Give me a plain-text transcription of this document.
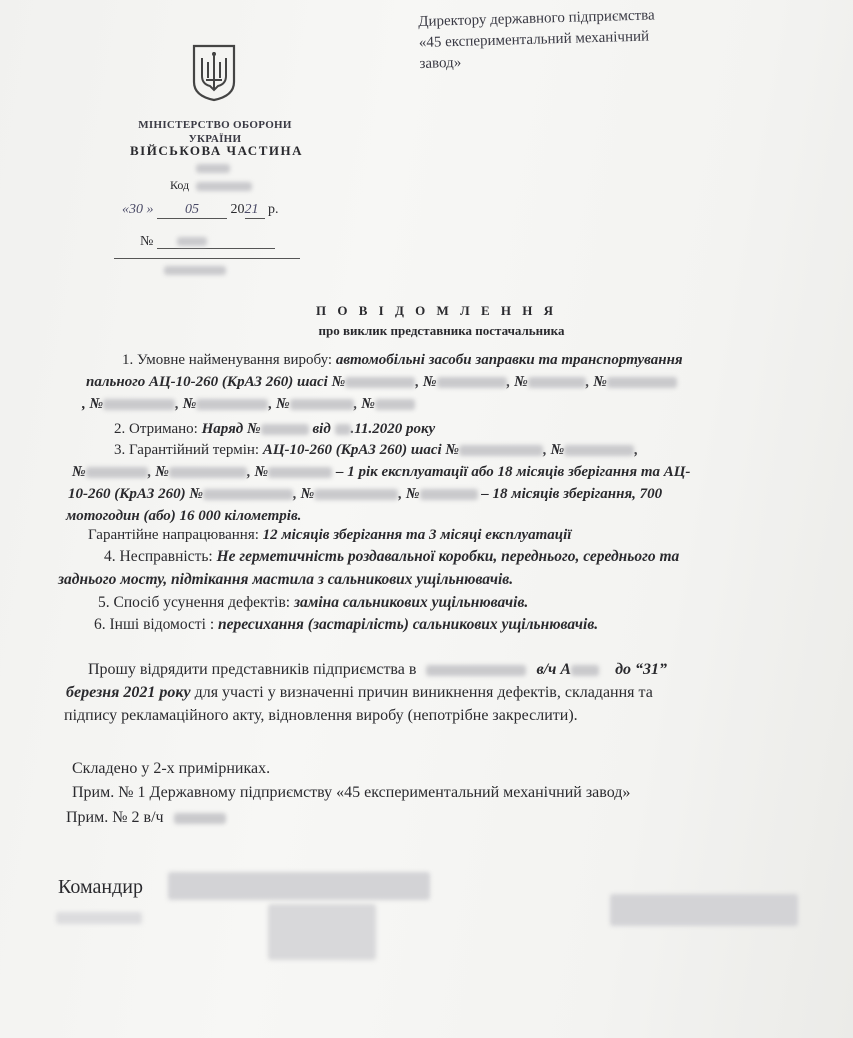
Директору державного підприємства
«45 експериментальний механічний
завод»
МІНІСТЕРСТВО ОБОРОНИ
УКРАЇНИ
ВІЙСЬКОВА ЧАСТИНА
Код
«30 » 05 2021 р.
№
П О В І Д О М Л Е Н Н Я
про виклик представника постачальника
1. Умовне найменування виробу: автомобільні засоби заправки та транспортування
пального АЦ-10-260 (КрАЗ 260) шасі №	, №	, №	, №
, №	, №	, №	, №
2. Отримано: Наряд №	від .11.2020 року
3. Гарантійний термін: АЦ-10-260 (КрАЗ 260) шасі №	, №	,
№	, №	, №	– 1 рік експлуатації або 18 місяців зберігання та АЦ-
10-260 (КрАЗ 260) №	, №	, №	– 18 місяців зберігання, 700
мотогодин (або) 16 000 кілометрів.
Гарантійне напрацювання: 12 місяців зберігання та 3 місяці експлуатації
4. Несправність: Не герметичність роздавальної коробки, переднього, середнього та
заднього мосту, підтікання мастила з сальникових ущільнювачів.
5. Спосіб усунення дефектів: заміна сальникових ущільнювачів.
6. Інші відомості : пересихання (застарілість) сальникових ущільнювачів.
Прошу відрядити представників підприємства в	в/ч А	до “31”
березня 2021 року для участі у визначенні причин виникнення дефектів, складання та
підпису рекламаційного акту, відновлення виробу (непотрібне закреслити).
Складено у 2-х примірниках.
Прим. № 1 Державному підприємству «45 експериментальний механічний завод»
Прим. № 2 в/ч
Командир
